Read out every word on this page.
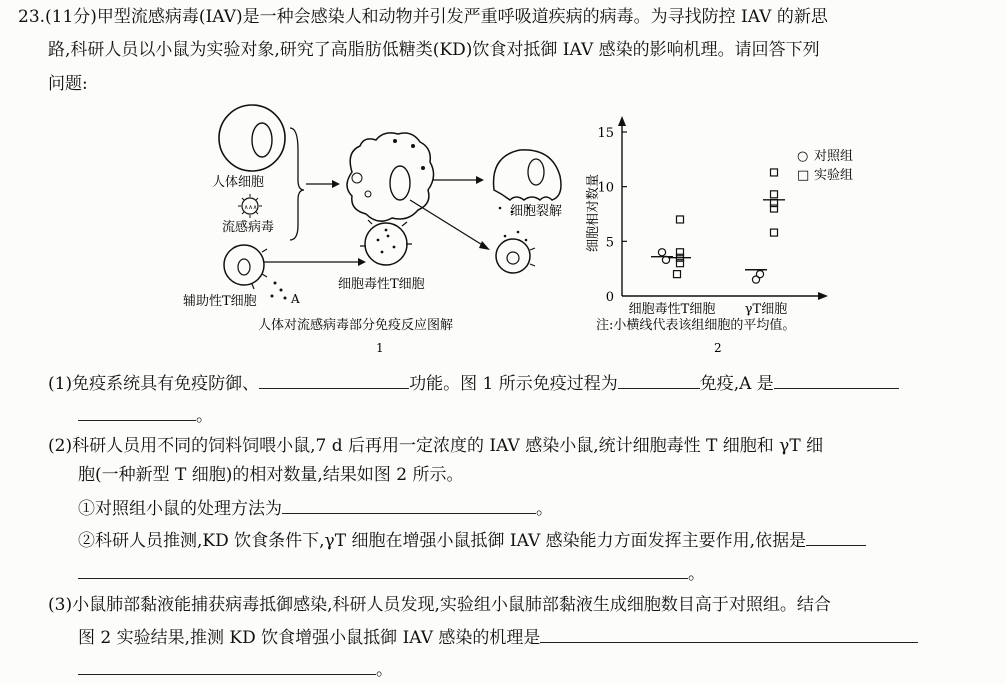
23.(11分)甲型流感病毒(IAV)是一种会感染人和动物并引发严重呼吸道疾病的病毒。为寻找防控 IAV 的新思
路,科研人员以小鼠为实验对象,研究了高脂肪低糖类(KD)饮食对抵御 IAV 感染的影响机理。请回答下列
问题:
人体细胞
∧∧∧
流感病毒
A
辅助性T细胞
细胞毒性T细胞
细胞裂解
人体对流感病毒部分免疫反应图解
1
0
5
10
15
细胞毒性T细胞 γT细胞
细胞相对数量
○ 对照组
□ 实验组
注:小横线代表该组细胞的平均值。
2
(1)免疫系统具有免疫防御、	功能。图 1 所示免疫过程为	免疫,A 是
。
(2)科研人员用不同的饲料饲喂小鼠,7 d 后再用一定浓度的 IAV 感染小鼠,统计细胞毒性 T 细胞和 γT 细
胞(一种新型 T 细胞)的相对数量,结果如图 2 所示。
①对照组小鼠的处理方法为	。
②科研人员推测,KD 饮食条件下,γT 细胞在增强小鼠抵御 IAV 感染能力方面发挥主要作用,依据是
。
(3)小鼠肺部黏液能捕获病毒抵御感染,科研人员发现,实验组小鼠肺部黏液生成细胞数目高于对照组。结合
图 2 实验结果,推测 KD 饮食增强小鼠抵御 IAV 感染的机理是
。
